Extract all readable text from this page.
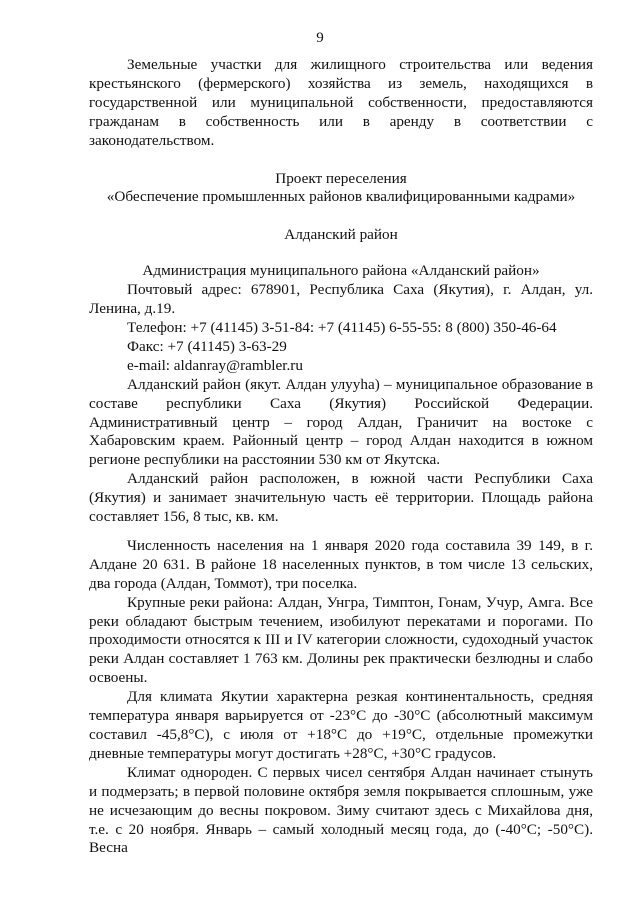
9

Земельные участки для жилищного строительства или ведения крестьянского (фермерского) хозяйства из земель, находящихся в государственной или муниципальной собственности, предоставляются гражданам в собственность или в аренду в соответствии с законодательством.

Проект переселения

«Обеспечение промышленных районов квалифицированными кадрами»

Алданский район

Администрация муниципального района «Алданский район»

Почтовый адрес: 678901, Республика Саха (Якутия), г. Алдан, ул. Ленина, д.19.

Телефон: +7 (41145) 3-51-84: +7 (41145) 6-55-55: 8 (800) 350-46-64

Факс: +7 (41145) 3-63-29

e-mail: aldanray@rambler.ru

Алданский район (якут. Алдан улууһа) – муниципальное образование в составе республики Саха (Якутия) Российской Федерации. Административный центр – город Алдан, Граничит на востоке с Хабаровским краем. Районный центр – город Алдан находится в южном регионе республики на расстоянии 530 км от Якутска.

Алданский район расположен, в южной части Республики Саха (Якутия) и занимает значительную часть её территории. Площадь района составляет 156, 8 тыс, кв. км.

Численность населения на 1 января 2020 года составила 39 149, в г. Алдане 20 631. В районе 18 населенных пунктов, в том числе 13 сельских, два города (Алдан, Томмот), три поселка.

Крупные реки района: Алдан, Унгра, Тимптон, Гонам, Учур, Амга. Все реки обладают быстрым течением, изобилуют перекатами и порогами. По проходимости относятся к III и IV категории сложности, судоходный участок реки Алдан составляет 1 763 км. Долины рек практически безлюдны и слабо освоены.

Для климата Якутии характерна резкая континентальность, средняя температура января варьируется от -23°C до -30°C (абсолютный максимум составил -45,8°C), с июля от +18°C до +19°C, отдельные промежутки дневные температуры могут достигать +28°C, +30°C градусов.

Климат однороден. С первых чисел сентября Алдан начинает стынуть и подмерзать; в первой половине октября земля покрывается сплошным, уже не исчезающим до весны покровом. Зиму считают здесь с Михайлова дня, т.е. с 20 ноября. Январь – самый холодный месяц года, до (-40°C; -50°C). Весна
